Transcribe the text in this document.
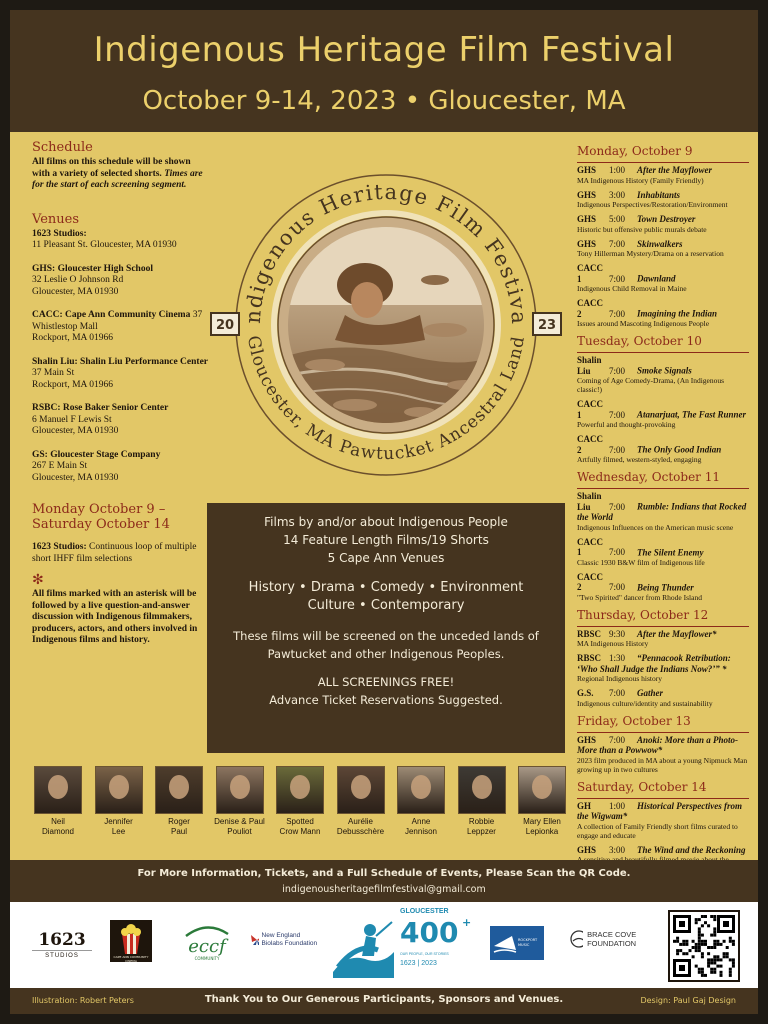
Indigenous Heritage Film Festival
October 9-14, 2023 • Gloucester, MA
Schedule
All films on this schedule will be shown with a variety of selected shorts. Times are for the start of each screening segment.
Venues
1623 Studios:
11 Pleasant St. Gloucester, MA 01930
GHS: Gloucester High School
32 Leslie O Johnson Rd
Gloucester, MA 01930
CACC: Cape Ann Community Cinema 37 Whistlestop Mall
Rockport, MA 01966
Shalin Liu: Shalin Liu Performance Center 37 Main St
Rockport, MA 01966
RSBC: Rose Baker Senior Center
6 Manuel F Lewis St
Gloucester, MA 01930
GS: Gloucester Stage Company
267 E Main St
Gloucester, MA 01930
Monday October 9 –
Saturday October 14
1623 Studios: Continuous loop of multiple short IHFF film selections
✻
All films marked with an asterisk will be followed by a live question-and-answer discussion with Indigenous filmmakers, producers, actors, and others involved in Indigenous films and history.
ndigenous Heritage Film Festiva
Gloucester, MA Pawtucket Ancestral Land
20	23
Films by and/or about Indigenous People
14 Feature Length Films/19 Shorts
5 Cape Ann Venues
History • Drama • Comedy • Environment
Culture • Contemporary
These films will be screened on the unceded lands of
Pawtucket and other Indigenous Peoples.
ALL SCREENINGS FREE!
Advance Ticket Reservations Suggested.
Neil
Diamond
Jennifer
Lee
Roger
Paul
Denise & Paul
Pouliot
Spotted
Crow Mann
Aurélie
Debusschère
Anne
Jennison
Robbie
Leppzer
Mary Ellen
Lepionka
Monday, October 9
GHS 1:00 After the Mayflower
MA Indigenous History (Family Friendly)
GHS 3:00 Inhabitants
Indigenous Perspectives/Restoration/Environment
GHS 5:00 Town Destroyer
Historic but offensive public murals debate
GHS 7:00 Skinwalkers
Tony Hillerman Mystery/Drama on a reservation
CACC 1	7:00 Dawnland
Indigenous Child Removal in Maine
CACC 2	7:00 Imagining the Indian
Issues around Mascoting Indigenous People
Tuesday, October 10
Shalin Liu 7:00 Smoke Signals
Coming of Age Comedy-Drama, (An Indigenous classic!)
CACC 1	7:00 Atanarjuat, The Fast Runner
Powerful and thought-provoking
CACC 2	7:00 The Only Good Indian
Artfully filmed, western-styled, engaging
Wednesday, October 11
Shalin Liu 7:00 Rumble: Indians that Rocked the World
Indigenous Influences on the American music scene
CACC 1	7:00 The Silent Enemy
Classic 1930 B&W film of Indigenous life
CACC 2	7:00 Being Thunder
"Two Spirited" dancer from Rhode Island
Thursday, October 12
RBSC 9:30 After the Mayflower*
MA Indigenous History
RBSC 1:30 “Pennacook Retribution: ‘Who Shall Judge the Indians Now?’” *
Regional Indigenous history
G.S. 7:00 Gather
Indigenous culture/identity and sustainability
Friday, October 13
GHS 7:00 Anoki: More than a Photo-More than a Powwow*
2023 film produced in MA about a young Nipmuck Man growing up in two cultures
Saturday, October 14
GH 1:00 Historical Perspectives from the Wigwam*
A collection of Family Friendly short films curated to engage and educate
GHS 3:00 The Wind and the Reckoning
For More Information, Tickets, and a Full Schedule of Events, Please Scan the QR Code.
indigenousheritagefilmfestival@gmail.com
1623
STUDIOS	CAPE ANN COMMUNITY CINEMA
eccf
COMMUNITY
New England Biolabs Foundation
GLOUCESTER
400 +
OUR PEOPLE, OUR STORIES
1623 | 2023
ROCKPORT MUSIC
BRACE COVE FOUNDATION
Illustration: Robert Peters	Thank You to Our Generous Participants, Sponsors and Venues.	Design: Paul Gaj Design
